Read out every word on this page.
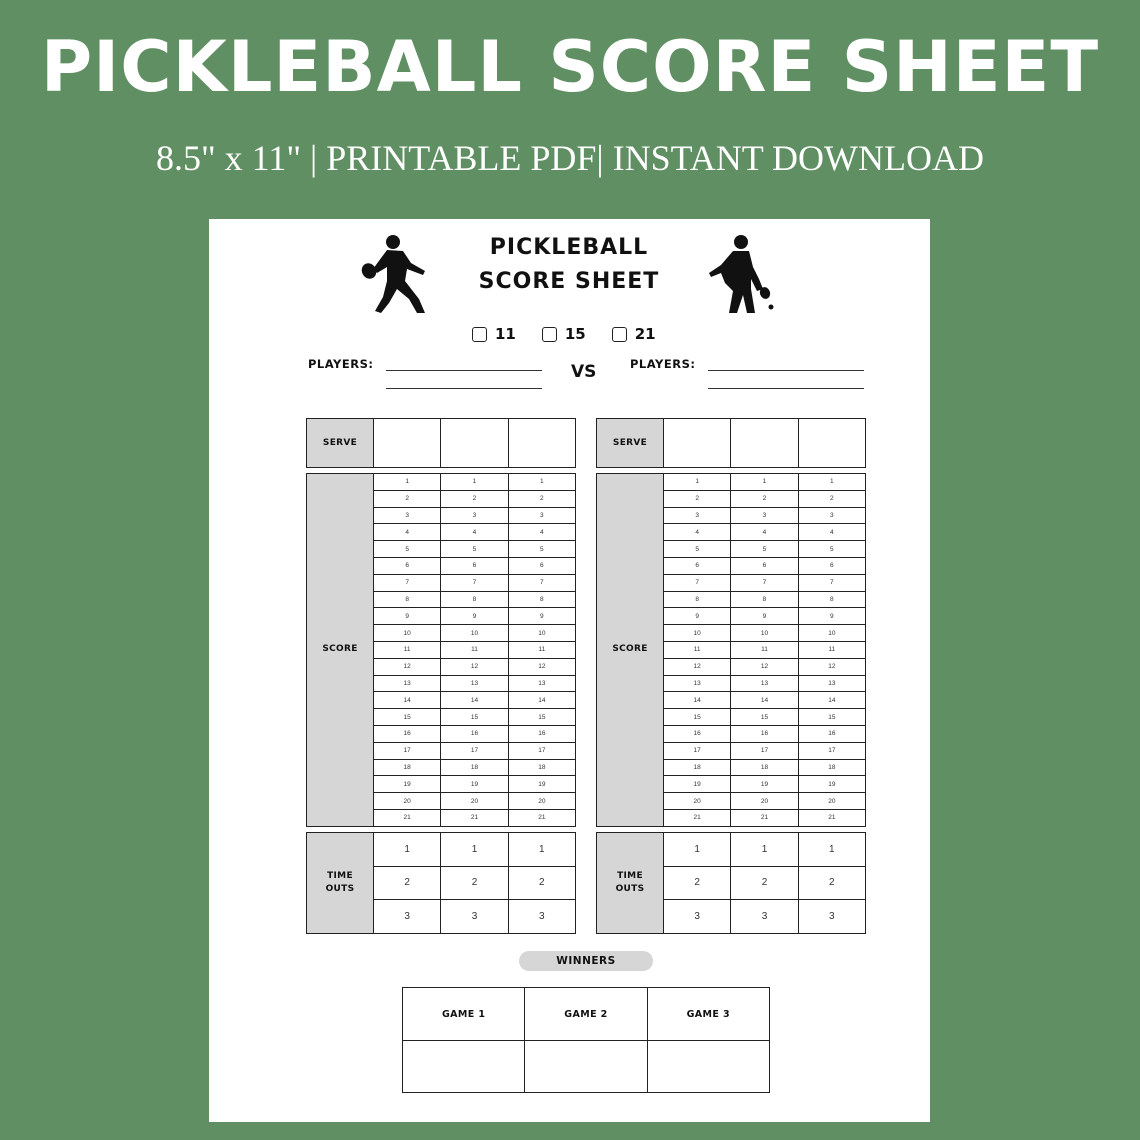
PICKLEBALL SCORE SHEET
8.5" x 11" | PRINTABLE PDF| INSTANT DOWNLOAD
PICKLEBALL
SCORE SHEET
11	15	21
PLAYERS:	VS	PLAYERS:
SERVE			
SCORE	1	1	1
	2	2	2
	3	3	3
	4	4	4
	5	5	5
	6	6	6
	7	7	7
	8	8	8
	9	9	9
	10	10	10
	11	11	11
	12	12	12
	13	13	13
	14	14	14
	15	15	15
	16	16	16
	17	17	17
	18	18	18
	19	19	19
	20	20	20
	21	21	21
TIME
OUTS	1	1	1
	2	2	2
	3	3	3
SERVE			
SCORE	1	1	1
	2	2	2
	3	3	3
	4	4	4
	5	5	5
	6	6	6
	7	7	7
	8	8	8
	9	9	9
	10	10	10
	11	11	11
	12	12	12
	13	13	13
	14	14	14
	15	15	15
	16	16	16
	17	17	17
	18	18	18
	19	19	19
	20	20	20
	21	21	21
TIME
OUTS	1	1	1
	2	2	2
	3	3	3
WINNERS
GAME 1	GAME 2	GAME 3
